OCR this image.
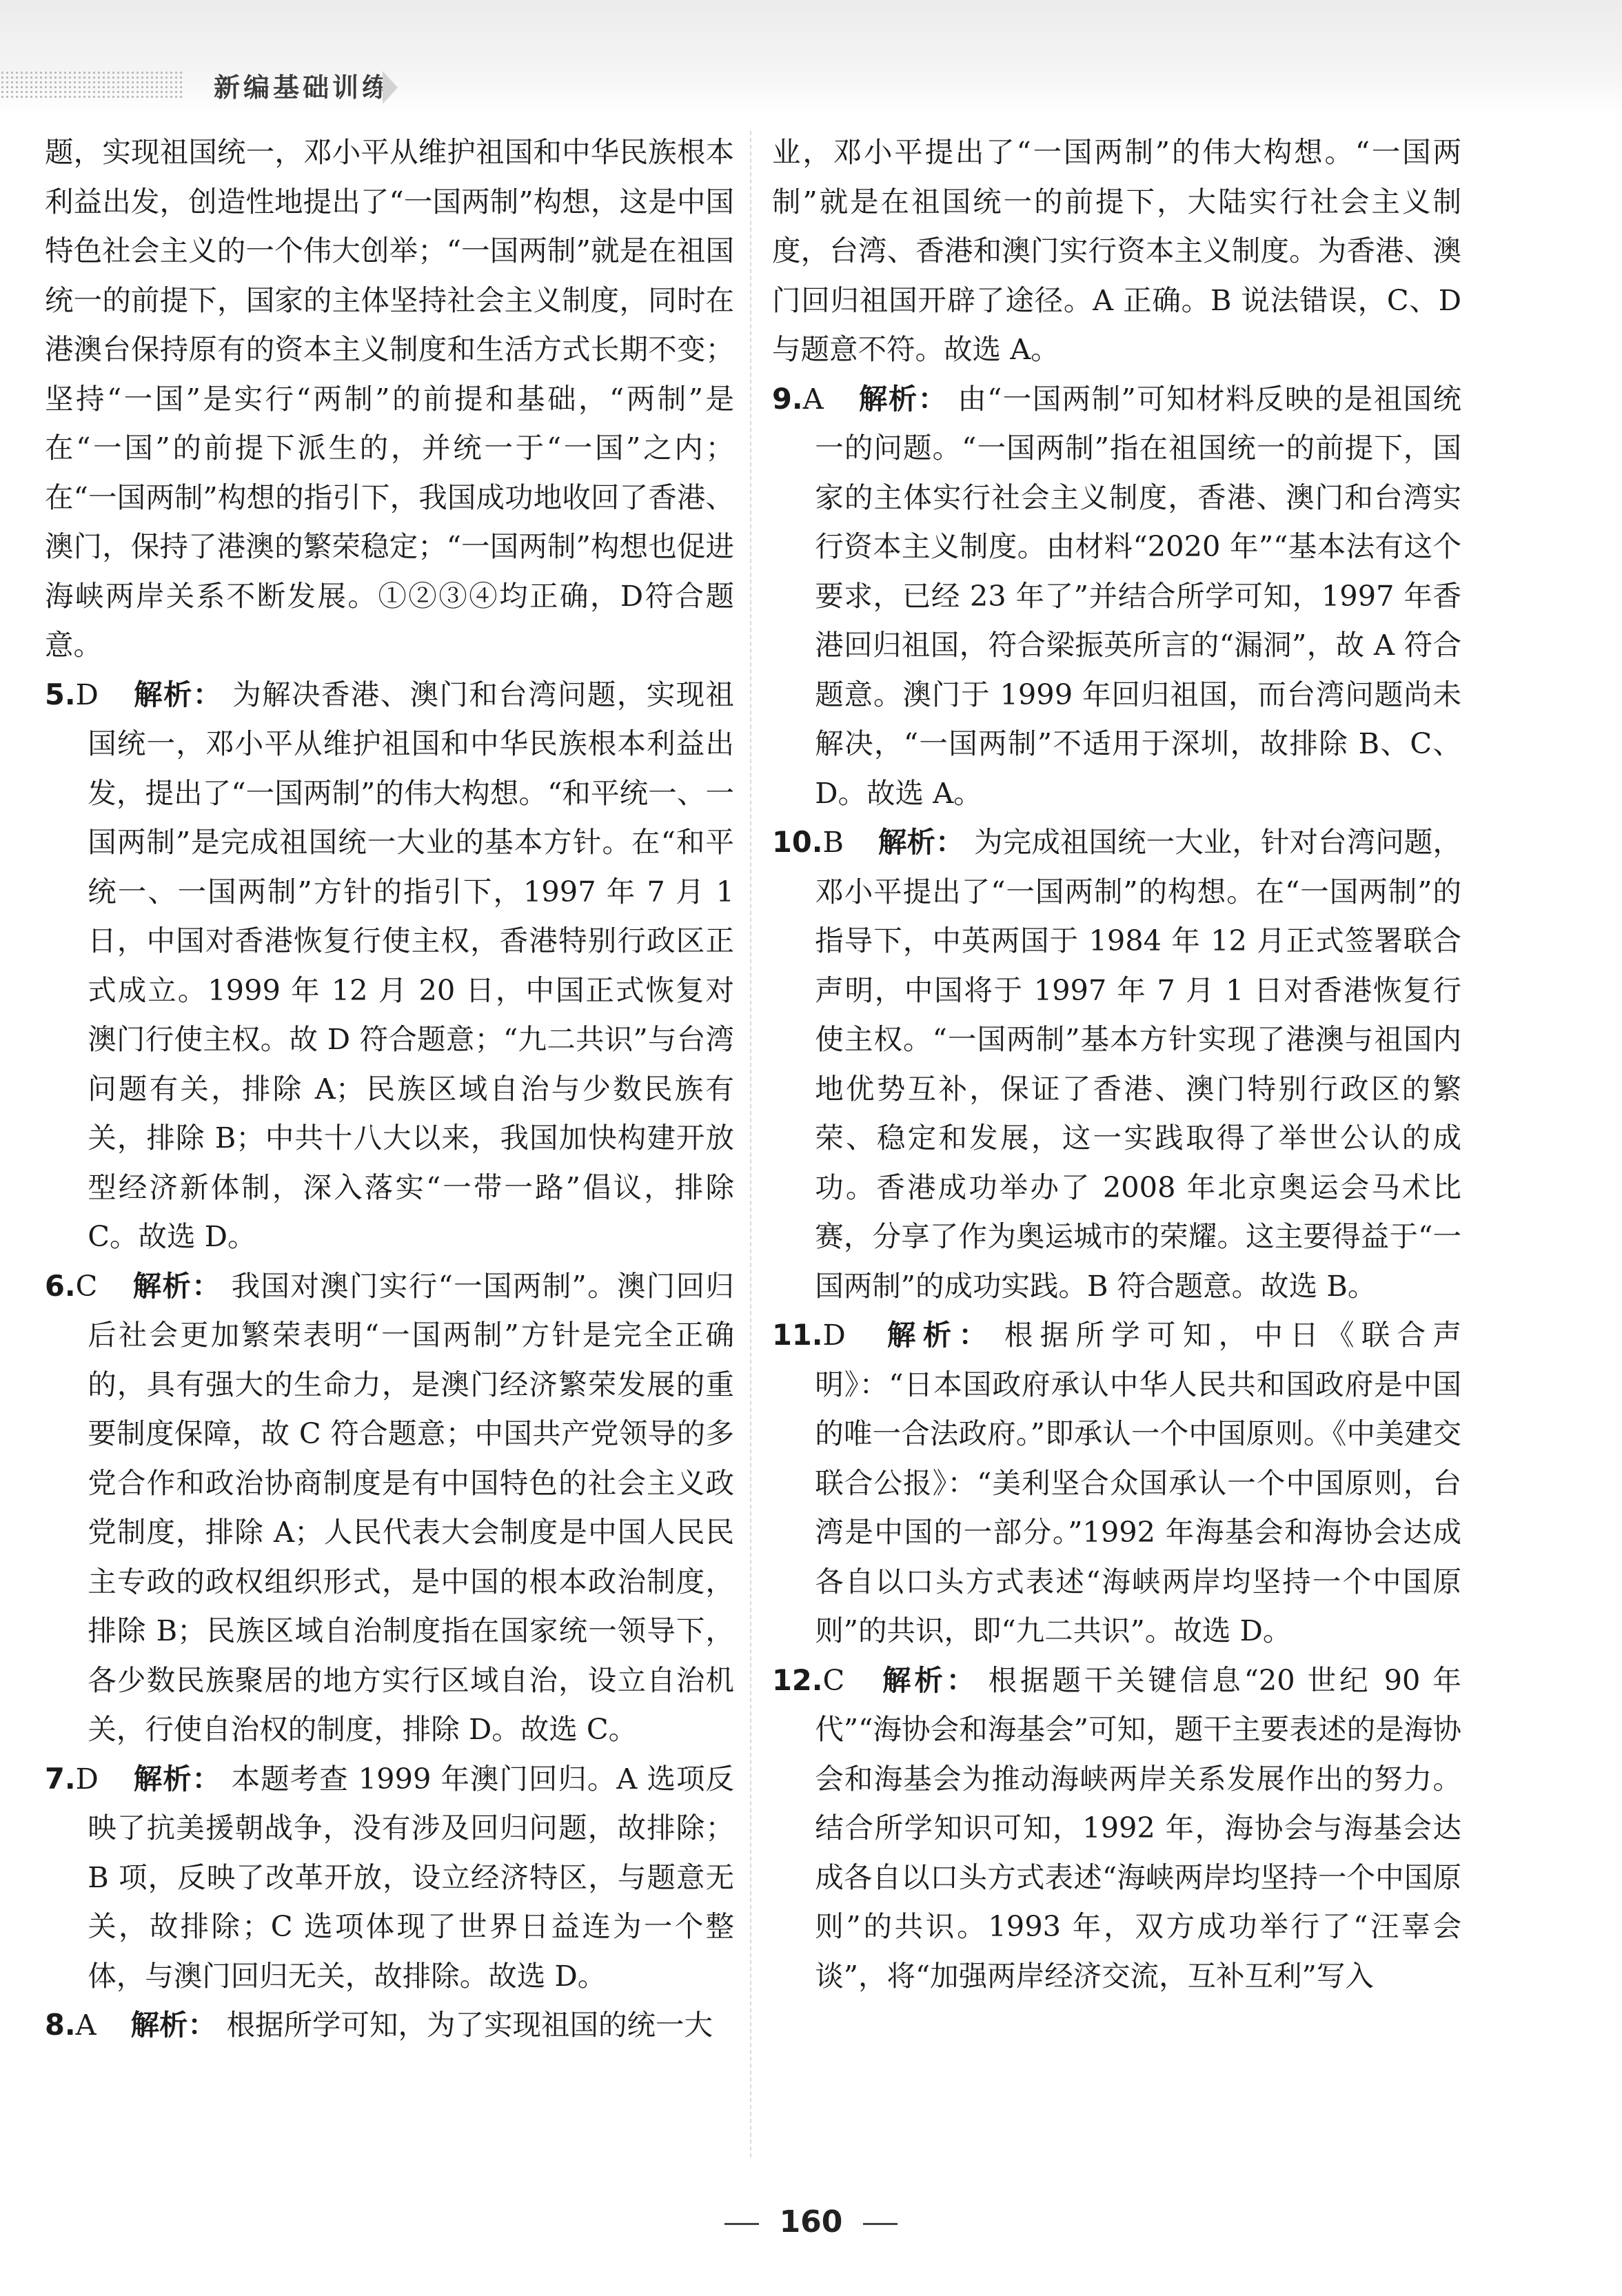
新编基础训练

题，实现祖国统一，邓小平从维护祖国和中华民族根本利益出发，创造性地提出了“一国两制”构想，这是中国特色社会主义的一个伟大创举；“一国两制”就是在祖国统一的前提下，国家的主体坚持社会主义制度，同时在港澳台保持原有的资本主义制度和生活方式长期不变；坚持“一国”是实行“两制”的前提和基础，“两制”是在“一国”的前提下派生的，并统一于“一国”之内；在“一国两制”构想的指引下，我国成功地收回了香港、澳门，保持了港澳的繁荣稳定；“一国两制”构想也促进海峡两岸关系不断发展。①②③④均正确，D符合题意。

5.D 解析： 为解决香港、澳门和台湾问题，实现祖国统一，邓小平从维护祖国和中华民族根本利益出发，提出了“一国两制”的伟大构想。“和平统一、一国两制”是完成祖国统一大业的基本方针。在“和平统一、一国两制”方针的指引下，1997 年 7 月 1 日，中国对香港恢复行使主权，香港特别行政区正式成立。1999 年 12 月 20 日，中国正式恢复对澳门行使主权。故 D 符合题意；“九二共识”与台湾问题有关，排除 A；民族区域自治与少数民族有关，排除 B；中共十八大以来，我国加快构建开放型经济新体制，深入落实“一带一路”倡议，排除 C。故选 D。

6.C 解析： 我国对澳门实行“一国两制”。澳门回归后社会更加繁荣表明“一国两制”方针是完全正确的，具有强大的生命力，是澳门经济繁荣发展的重要制度保障，故 C 符合题意；中国共产党领导的多党合作和政治协商制度是有中国特色的社会主义政党制度，排除 A；人民代表大会制度是中国人民民主专政的政权组织形式，是中国的根本政治制度，排除 B；民族区域自治制度指在国家统一领导下，各少数民族聚居的地方实行区域自治，设立自治机关，行使自治权的制度，排除 D。故选 C。

7.D 解析： 本题考查 1999 年澳门回归。A 选项反映了抗美援朝战争，没有涉及回归问题，故排除；B 项，反映了改革开放，设立经济特区，与题意无关，故排除；C 选项体现了世界日益连为一个整体，与澳门回归无关，故排除。故选 D。

8.A 解析： 根据所学可知，为了实现祖国的统一大

业，邓小平提出了“一国两制”的伟大构想。“一国两制”就是在祖国统一的前提下，大陆实行社会主义制度，台湾、香港和澳门实行资本主义制度。为香港、澳门回归祖国开辟了途径。A 正确。B 说法错误，C、D 与题意不符。故选 A。

9.A 解析： 由“一国两制”可知材料反映的是祖国统一的问题。“一国两制”指在祖国统一的前提下，国家的主体实行社会主义制度，香港、澳门和台湾实行资本主义制度。由材料“2020 年”“基本法有这个要求，已经 23 年了”并结合所学可知，1997 年香港回归祖国，符合梁振英所言的“漏洞”，故 A 符合题意。澳门于 1999 年回归祖国，而台湾问题尚未解决，“一国两制”不适用于深圳，故排除 B、C、D。故选 A。

10.B 解析： 为完成祖国统一大业，针对台湾问题，邓小平提出了“一国两制”的构想。在“一国两制”的指导下，中英两国于 1984 年 12 月正式签署联合声明，中国将于 1997 年 7 月 1 日对香港恢复行使主权。“一国两制”基本方针实现了港澳与祖国内地优势互补，保证了香港、澳门特别行政区的繁荣、稳定和发展，这一实践取得了举世公认的成功。香港成功举办了 2008 年北京奥运会马术比赛，分享了作为奥运城市的荣耀。这主要得益于“一国两制”的成功实践。B 符合题意。故选 B。

11.D 解析： 根据所学可知，中日《联合声明》：“日本国政府承认中华人民共和国政府是中国的唯一合法政府。”即承认一个中国原则。《中美建交联合公报》：“美利坚合众国承认一个中国原则，台湾是中国的一部分。”1992 年海基会和海协会达成各自以口头方式表述“海峡两岸均坚持一个中国原则”的共识，即“九二共识”。故选 D。

12.C 解析： 根据题干关键信息“20 世纪 90 年代”“海协会和海基会”可知，题干主要表述的是海协会和海基会为推动海峡两岸关系发展作出的努力。结合所学知识可知，1992 年，海协会与海基会达成各自以口头方式表述“海峡两岸均坚持一个中国原则”的共识。1993 年，双方成功举行了“汪辜会谈”，将“加强两岸经济交流，互补互利”写入

160
